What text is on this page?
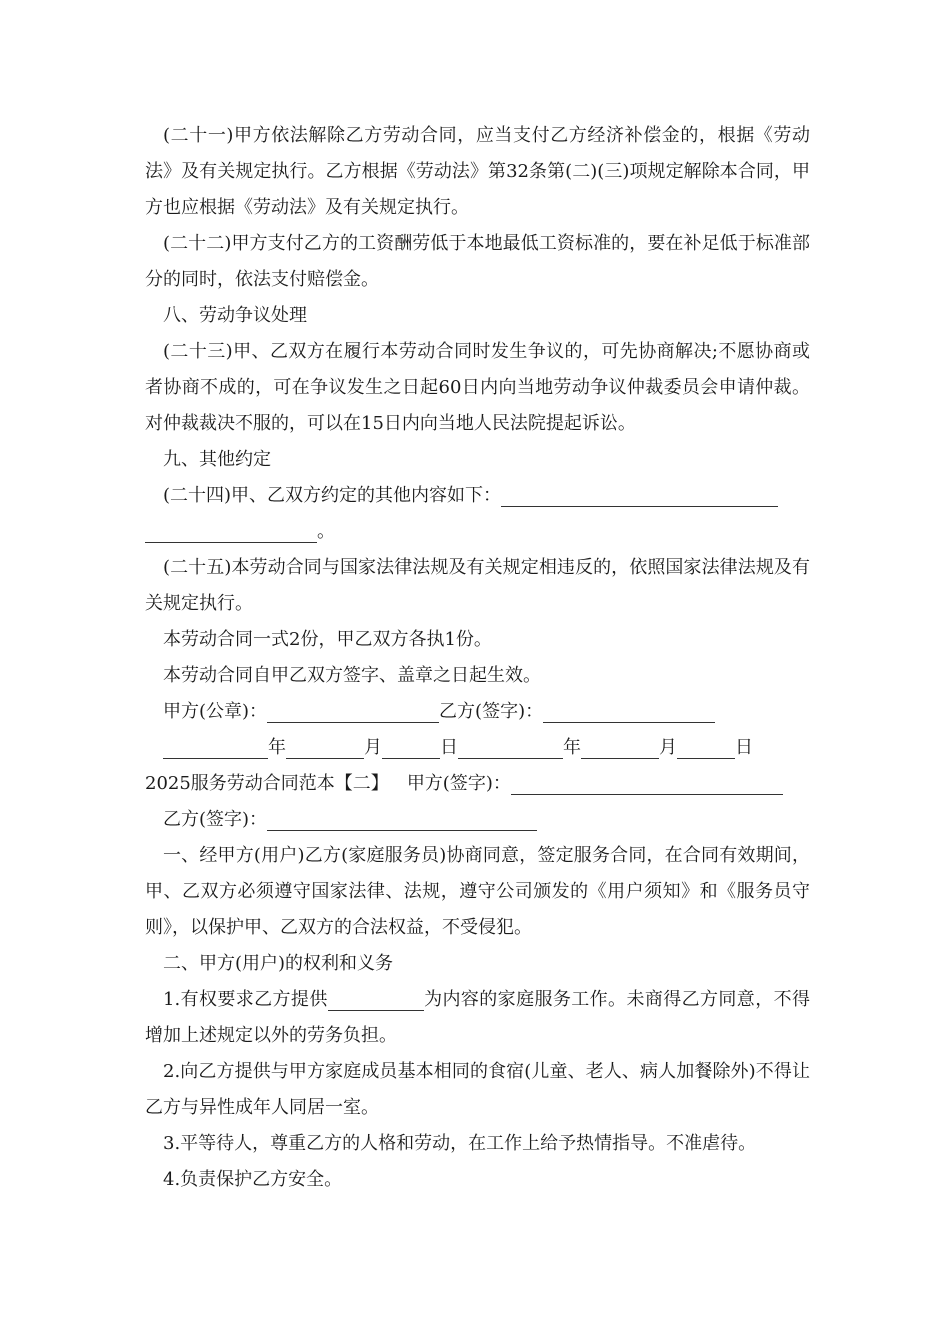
(二十一)甲方依法解除乙方劳动合同，应当支付乙方经济补偿金的，根据《劳动法》及有关规定执行。乙方根据《劳动法》第32条第(二)(三)项规定解除本合同，甲方也应根据《劳动法》及有关规定执行。

(二十二)甲方支付乙方的工资酬劳低于本地最低工资标准的，要在补足低于标准部分的同时，依法支付赔偿金。

八、劳动争议处理

(二十三)甲、乙双方在履行本劳动合同时发生争议的，可先协商解决;不愿协商或者协商不成的，可在争议发生之日起60日内向当地劳动争议仲裁委员会申请仲裁。对仲裁裁决不服的，可以在15日内向当地人民法院提起诉讼。

九、其他约定

(二十四)甲、乙双方约定的其他内容如下：
。

(二十五)本劳动合同与国家法律法规及有关规定相违反的，依照国家法律法规及有关规定执行。

本劳动合同一式2份，甲乙双方各执1份。

本劳动合同自甲乙双方签字、盖章之日起生效。

甲方(公章)：	乙方(签字)：
年	月	日	年	月	日
2025服务劳动合同范本【二】 甲方(签字)：
乙方(签字)：

一、经甲方(用户)乙方(家庭服务员)协商同意，签定服务合同，在合同有效期间，甲、乙双方必须遵守国家法律、法规，遵守公司颁发的《用户须知》和《服务员守则》，以保护甲、乙双方的合法权益，不受侵犯。

二、甲方(用户)的权利和义务

1.有权要求乙方提供	为内容的家庭服务工作。未商得乙方同意，不得增加上述规定以外的劳务负担。

2.向乙方提供与甲方家庭成员基本相同的食宿(儿童、老人、病人加餐除外)不得让乙方与异性成年人同居一室。

3.平等待人，尊重乙方的人格和劳动，在工作上给予热情指导。不准虐待。

4.负责保护乙方安全。
